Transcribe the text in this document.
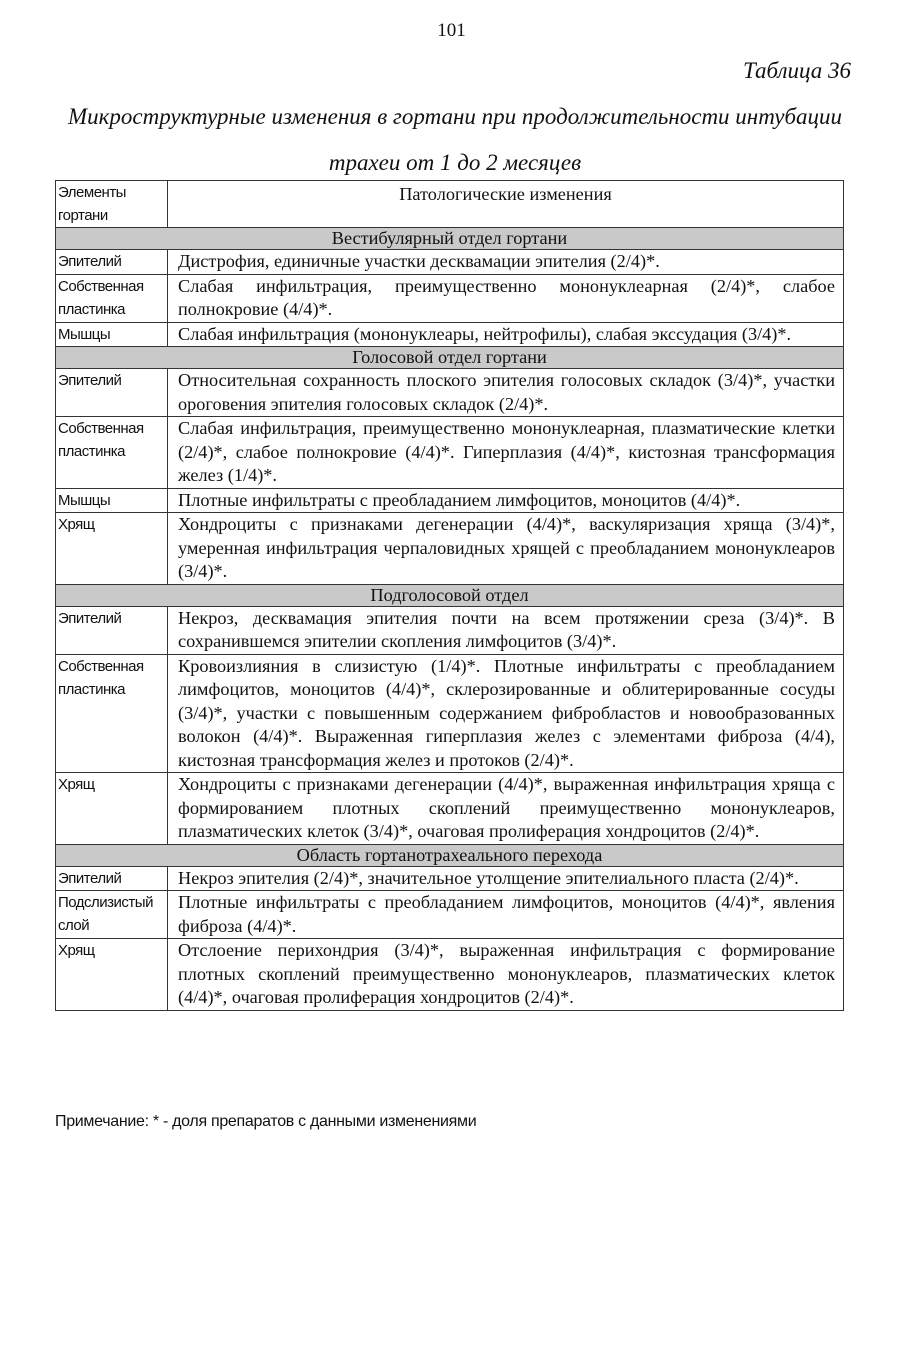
101
Таблица 36
Микроструктурные изменения в гортани при продолжительности интубации трахеи от 1 до 2 месяцев
Элементы гортани	Патологические изменения
Вестибулярный отдел гортани	
Эпителий	Дистрофия, единичные участки десквамации эпителия (2/4)*.
Собственная пластинка	Слабая инфильтрация, преимущественно мононуклеарная (2/4)*, слабое полнокровие (4/4)*.
Мышцы	Слабая инфильтрация (мононуклеары, нейтрофилы), слабая экссудация (3/4)*.
Голосовой отдел гортани	
Эпителий	Относительная сохранность плоского эпителия голосовых складок (3/4)*, участки ороговения эпителия голосовых складок (2/4)*.
Собственная пластинка	Слабая инфильтрация, преимущественно мононуклеарная, плазматические клетки (2/4)*, слабое полнокровие (4/4)*. Гиперплазия (4/4)*, кистозная трансформация желез (1/4)*.
Мышцы	Плотные инфильтраты с преобладанием лимфоцитов, моноцитов (4/4)*.
Хрящ	Хондроциты с признаками дегенерации (4/4)*, васкуляризация хряща (3/4)*, умеренная инфильтрация черпаловидных хрящей с преобладанием мононуклеаров (3/4)*.
Подголосовой отдел	
Эпителий	Некроз, десквамация эпителия почти на всем протяжении среза (3/4)*. В сохранившемся эпителии скопления лимфоцитов (3/4)*.
Собственная пластинка	Кровоизлияния в слизистую (1/4)*. Плотные инфильтраты с преобладанием лимфоцитов, моноцитов (4/4)*, склерозированные и облитерированные сосуды (3/4)*, участки с повышенным содержанием фибробластов и новообразованных волокон (4/4)*. Выраженная гиперплазия желез с элементами фиброза (4/4), кистозная трансформация желез и протоков (2/4)*.
Хрящ	Хондроциты с признаками дегенерации (4/4)*, выраженная инфильтрация хряща с формированием плотных скоплений преимущественно мононуклеаров, плазматических клеток (3/4)*, очаговая пролиферация хондроцитов (2/4)*.
Область гортанотрахеального перехода	
Эпителий	Некроз эпителия (2/4)*, значительное утолщение эпителиального пласта (2/4)*.
Подслизистый слой	Плотные инфильтраты с преобладанием лимфоцитов, моноцитов (4/4)*, явления фиброза (4/4)*.
Хрящ	Отслоение перихондрия (3/4)*, выраженная инфильтрация с формирование плотных скоплений преимущественно мононуклеаров, плазматических клеток (4/4)*, очаговая пролиферация хондроцитов (2/4)*.
Примечание: * - доля препаратов с данными изменениями
